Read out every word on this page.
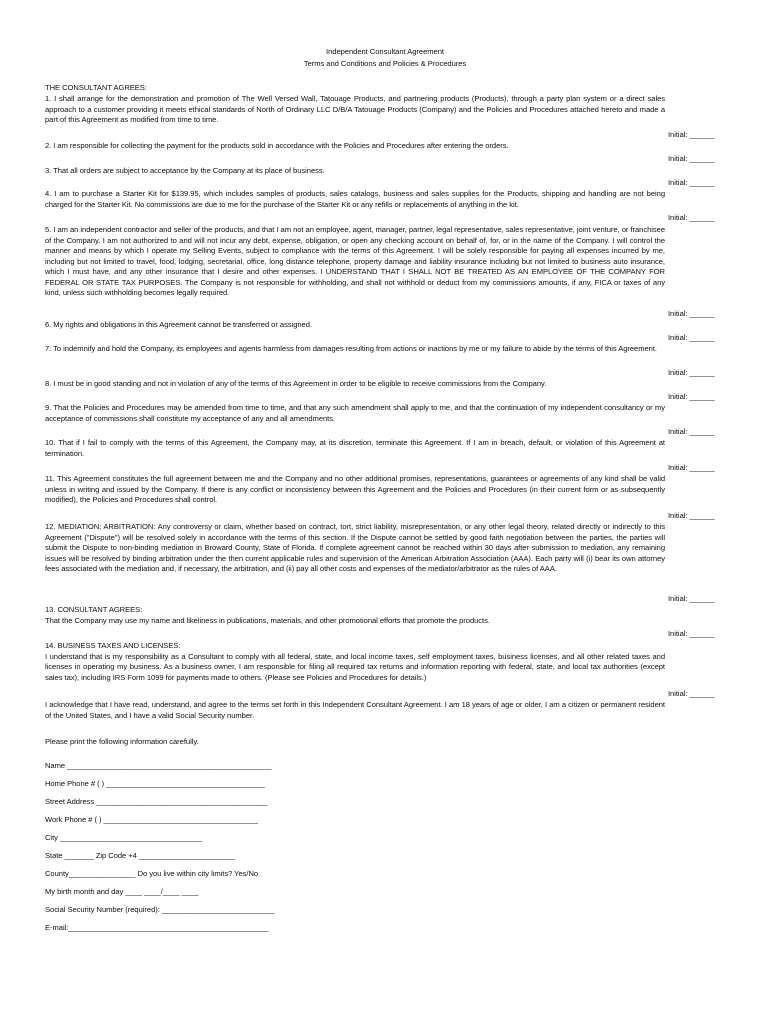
Independent Consultant Agreement
Terms and Conditions and Policies & Procedures
THE CONSULTANT AGREES:
1. I shall arrange for the demonstration and promotion of The Well Versed Wall, Tatouage Products, and partnering products (Products), through a party plan system or a direct sales approach to a customer providing it meets ethical standards of North of Ordinary LLC D/B/A Tatouage Products (Company) and the Policies and Procedures attached hereto and made a part of this Agreement as modified from time to time.
Initial: ______
2. I am responsible for collecting the payment for the products sold in accordance with the Policies and Procedures after entering the orders.
Initial: ______
3. That all orders are subject to acceptance by the Company at its place of business.
Initial: ______
4. I am to purchase a Starter Kit for $139.95, which includes samples of products, sales catalogs, business and sales supplies for the Products, shipping and handling are not being charged for the Starter Kit. No commissions are due to me for the purchase of the Starter Kit or any refills or replacements of anything in the kit.
Initial: ______
5. I am an independent contractor and seller of the products, and that I am not an employee, agent, manager, partner, legal representative, sales representative, joint venture, or franchisee of the Company. I am not authorized to and will not incur any debt, expense, obligation, or open any checking account on behalf of, for, or in the name of the Company. I will control the manner and means by which I operate my Selling Events, subject to compliance with the terms of this Agreement. I will be solely responsible for paying all expenses incurred by me, including but not limited to travel, food, lodging, secretarial, office, long distance telephone, property damage and liability insurance including but not limited to business auto insurance, which I must have, and any other insurance that I desire and other expenses. I UNDERSTAND THAT I SHALL NOT BE TREATED AS AN EMPLOYEE OF THE COMPANY FOR FEDERAL OR STATE TAX PURPOSES. The Company is not responsible for withholding, and shall not withhold or deduct from my commissions amounts, if any, FICA or taxes of any kind, unless such withholding becomes legally required.
Initial: ______
6. My rights and obligations in this Agreement cannot be transferred or assigned.
Initial: ______
7. To indemnify and hold the Company, its employees and agents harmless from damages resulting from actions or inactions by me or my failure to abide by the terms of this Agreement.
Initial: ______
8. I must be in good standing and not in violation of any of the terms of this Agreement in order to be eligible to receive commissions from the Company.
Initial: ______
9. That the Policies and Procedures may be amended from time to time, and that any such amendment shall apply to me, and that the continuation of my independent consultancy or my acceptance of commissions shall constitute my acceptance of any and all amendments.
Initial: ______
10. That if I fail to comply with the terms of this Agreement, the Company may, at its discretion, terminate this Agreement. If I am in breach, default, or violation of this Agreement at termination.
Initial: ______
11. This Agreement constitutes the full agreement between me and the Company and no other additional promises, representations, guarantees or agreements of any kind shall be valid unless in writing and issued by the Company. If there is any conflict or inconsistency between this Agreement and the Policies and Procedures (in their current form or as subsequently modified), the Policies and Procedures shall control.
Initial: ______
12. MEDIATION; ARBITRATION: Any controversy or claim, whether based on contract, tort, strict liability, misrepresentation, or any other legal theory, related directly or indirectly to this Agreement ("Dispute") will be resolved solely in accordance with the terms of this section. If the Dispute cannot be settled by good faith negotiation between the parties, the parties will submit the Dispute to non-binding mediation in Broward County, State of Florida. If complete agreement cannot be reached within 30 days after submission to mediation, any remaining issues will be resolved by binding arbitration under the then current applicable rules and supervision of the American Arbitration Association (AAA). Each party will (i) bear its own attorney fees associated with the mediation and, if necessary, the arbitration, and (ii) pay all other costs and expenses of the mediator/arbitrator as the rules of AAA.
Initial: ______
13. CONSULTANT AGREES:
That the Company may use my name and likeliness in publications, materials, and other promotional efforts that promote the products.
Initial: ______
14. BUSINESS TAXES AND LICENSES:
I understand that is my responsibility as a Consultant to comply with all federal, state, and local income taxes, self employment taxes, business licenses, and all other related taxes and licenses in operating my business. As a business owner, I am responsible for filing all required tax returns and information reporting with federal, state, and local tax authorities (except sales tax), including IRS Form 1099 for payments made to others. (Please see Policies and Procedures for details.)
Initial: ______
I acknowledge that I have read, understand, and agree to the terms set forth in this Independent Consultant Agreement. I am 18 years of age or older, I am a citizen or permanent resident of the United States, and I have a valid Social Security number.
Please print the following information carefully.
Name _________________________________________________
Home Phone # ( ) ______________________________________
Street Address _________________________________________
Work Phone # ( ) _____________________________________
City __________________________________
State _______ Zip Code +4 _______________________
County________________ Do you live within city limits? Yes/No
My birth month and day ____ ____/____ ____
Social Security Number (required): ___________________________
E-mail:________________________________________________
